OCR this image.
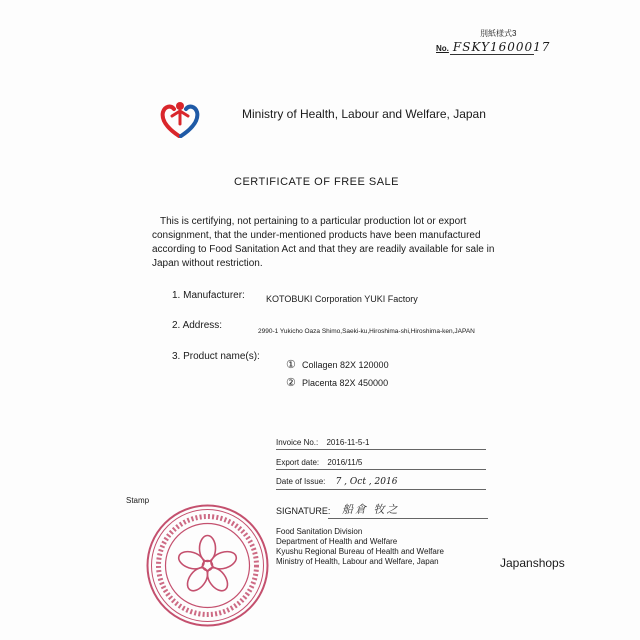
別紙様式3
No. FSKY1600017
Ministry of Health, Labour and Welfare, Japan
CERTIFICATE OF FREE SALE

This is certifying, not pertaining to a particular production lot or export consignment, that the under-mentioned products have been manufactured according to Food Sanitation Act and that they are readily available for sale in Japan without restriction.

1. Manufacturer: KOTOBUKI Corporation YUKI Factory
2. Address:
2990-1 Yukicho Oaza Shimo,Saeki-ku,Hiroshima-shi,Hiroshima-ken,JAPAN
3. Product name(s):
① Collagen 82X 120000
② Placenta 82X 450000
Invoice No.: 2016-11-5-1
Export date: 2016/11/5
Date of Issue: 7 , Oct , 2016
SIGNATURE: 船倉 牧之
Food Sanitation Division
Department of Health and Welfare
Kyushu Regional Bureau of Health and Welfare
Ministry of Health, Labour and Welfare, Japan
Stamp
Japanshops
